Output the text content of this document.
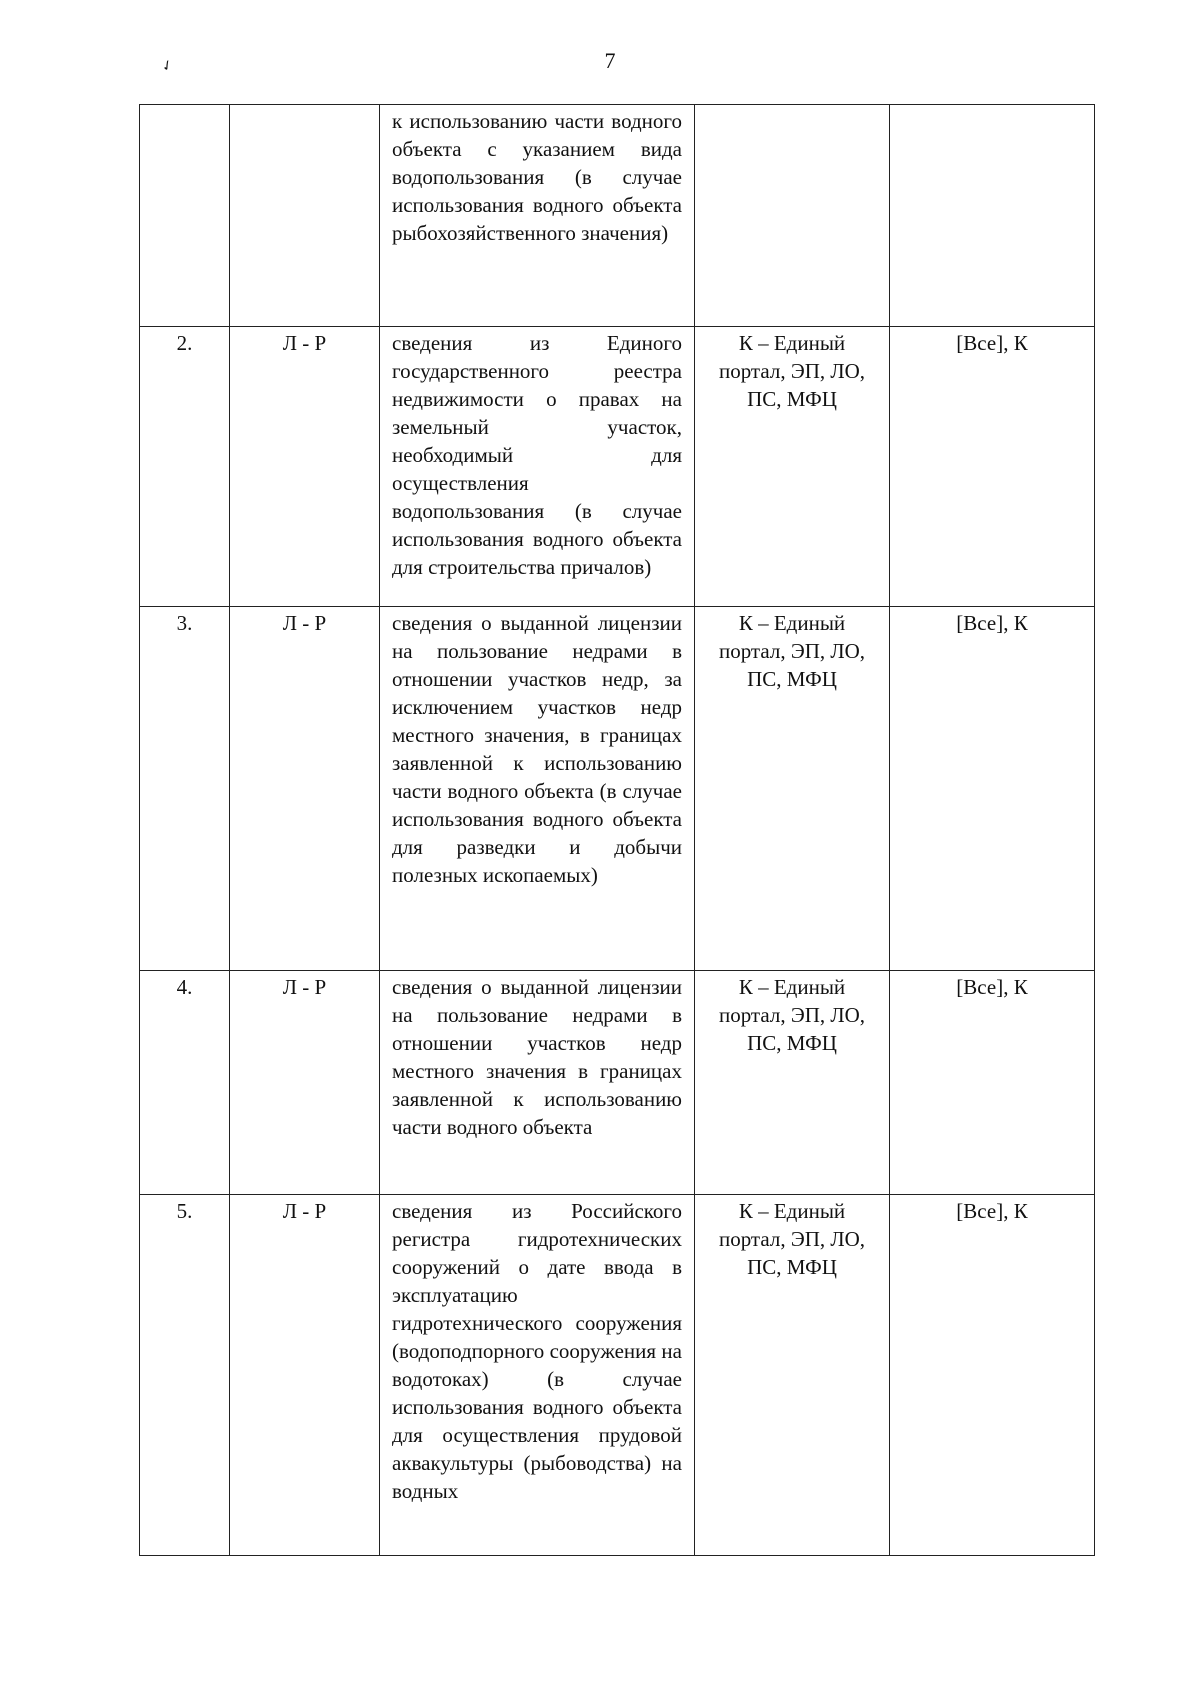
✓	7
		к использованию части водного объекта с указанием вида водопользования (в случае использования водного объекта рыбохозяйственного значения)		
2.	Л - Р	сведения из Единого государственного реестра недвижимости о правах на земельный участок, необходимый для осуществления водопользования (в случае использования водного объекта для строительства причалов)	К – Единый портал, ЭП, ЛО, ПС, МФЦ	[Все], К
3.	Л - Р	сведения о выданной лицензии на пользование недрами в отношении участков недр, за исключением участков недр местного значения, в границах заявленной к использованию части водного объекта (в случае использования водного объекта для разведки и добычи полезных ископаемых)	К – Единый портал, ЭП, ЛО, ПС, МФЦ	[Все], К
4.	Л - Р	сведения о выданной лицензии на пользование недрами в отношении участков недр местного значения в границах заявленной к использованию части водного объекта	К – Единый портал, ЭП, ЛО, ПС, МФЦ	[Все], К
5.	Л - Р	сведения из Российского регистра гидротехнических сооружений о дате ввода в эксплуатацию гидротехнического сооружения (водоподпорного сооружения на водотоках) (в случае использования водного объекта для осуществления прудовой аквакультуры (рыбоводства) на водных	К – Единый портал, ЭП, ЛО, ПС, МФЦ	[Все], К
